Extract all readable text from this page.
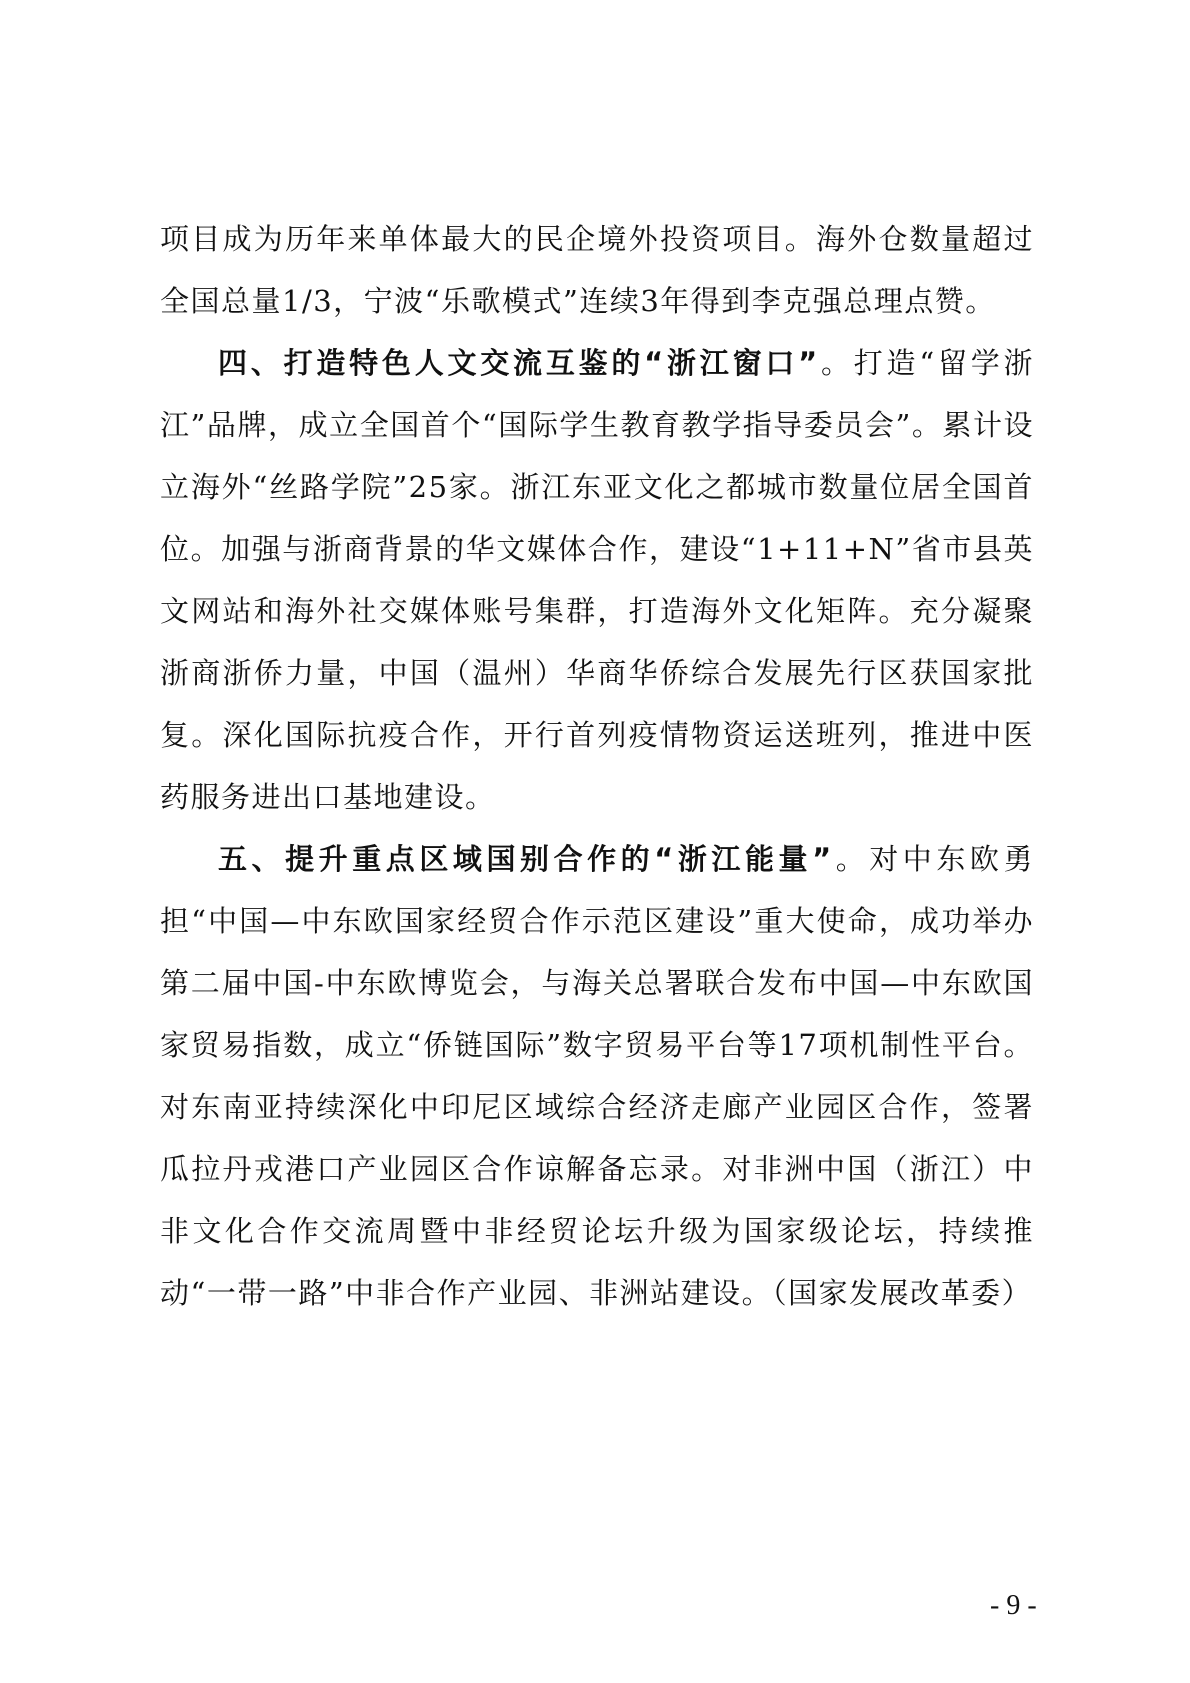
项目成为历年来单体最大的民企境外投资项目。海外仓数量超过全国总量1/3，宁波“乐歌模式”连续3年得到李克强总理点赞。

四、打造特色人文交流互鉴的“浙江窗口”。打造“留学浙江”品牌，成立全国首个“国际学生教育教学指导委员会”。累计设立海外“丝路学院”25家。浙江东亚文化之都城市数量位居全国首位。加强与浙商背景的华文媒体合作，建设“1+11+N”省市县英文网站和海外社交媒体账号集群，打造海外文化矩阵。充分凝聚浙商浙侨力量，中国（温州）华商华侨综合发展先行区获国家批复。深化国际抗疫合作，开行首列疫情物资运送班列，推进中医药服务进出口基地建设。

五、提升重点区域国别合作的“浙江能量”。对中东欧勇担“中国—中东欧国家经贸合作示范区建设”重大使命，成功举办第二届中国-中东欧博览会，与海关总署联合发布中国—中东欧国家贸易指数，成立“侨链国际”数字贸易平台等17项机制性平台。对东南亚持续深化中印尼区域综合经济走廊产业园区合作，签署瓜拉丹戎港口产业园区合作谅解备忘录。对非洲中国（浙江）中非文化合作交流周暨中非经贸论坛升级为国家级论坛，持续推动“一带一路”中非合作产业园、非洲站建设。（国家发展改革委）

- 9 -
